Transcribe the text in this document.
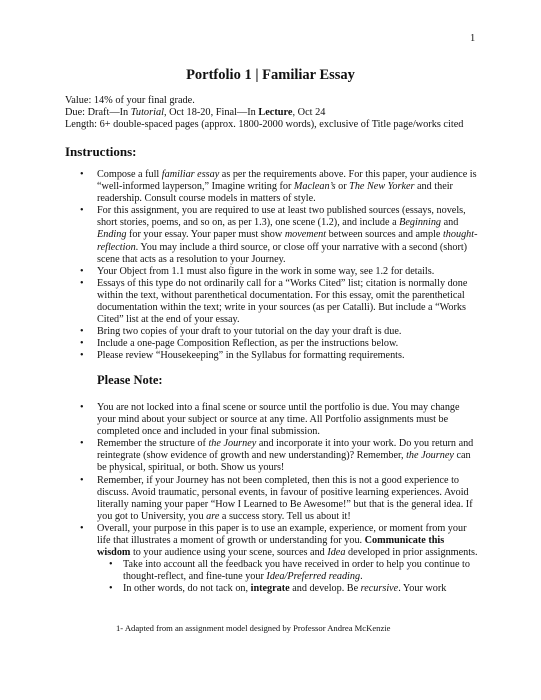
1
Portfolio 1 | Familiar Essay
Value: 14% of your final grade.
Due: Draft—In Tutorial, Oct 18-20, Final—In Lecture, Oct 24
Length: 6+ double-spaced pages (approx. 1800-2000 words), exclusive of Title page/works cited
Instructions:
• Compose a full familiar essay as per the requirements above. For this paper, your audience is “well-informed layperson,” Imagine writing for Maclean’s or The New Yorker and their readership. Consult course models in matters of style.
• For this assignment, you are required to use at least two published sources (essays, novels, short stories, poems, and so on, as per 1.3), one scene (1.2), and include a Beginning and Ending for your essay. Your paper must show movement between sources and ample thought-reflection. You may include a third source, or close off your narrative with a second (short) scene that acts as a resolution to your Journey.
• Your Object from 1.1 must also figure in the work in some way, see 1.2 for details.
• Essays of this type do not ordinarily call for a “Works Cited” list; citation is normally done within the text, without parenthetical documentation. For this essay, omit the parenthetical documentation within the text; write in your sources (as per Catalli). But include a “Works Cited” list at the end of your essay.
• Bring two copies of your draft to your tutorial on the day your draft is due.
• Include a one-page Composition Reflection, as per the instructions below.
• Please review “Housekeeping” in the Syllabus for formatting requirements.
Please Note:
• You are not locked into a final scene or source until the portfolio is due. You may change your mind about your subject or source at any time. All Portfolio assignments must be completed once and included in your final submission.
• Remember the structure of the Journey and incorporate it into your work. Do you return and reintegrate (show evidence of growth and new understanding)? Remember, the Journey can be physical, spiritual, or both. Show us yours!
• Remember, if your Journey has not been completed, then this is not a good experience to discuss. Avoid traumatic, personal events, in favour of positive learning experiences. Avoid literally naming your paper “How I Learned to Be Awesome!” but that is the general idea. If you got to University, you are a success story. Tell us about it!
• Overall, your purpose in this paper is to use an example, experience, or moment from your life that illustrates a moment of growth or understanding for you. Communicate this wisdom to your audience using your scene, sources and Idea developed in prior assignments.
• Take into account all the feedback you have received in order to help you continue to thought-reflect, and fine-tune your Idea/Preferred reading.
• In other words, do not tack on, integrate and develop. Be recursive. Your work
1- Adapted from an assignment model designed by Professor Andrea McKenzie
